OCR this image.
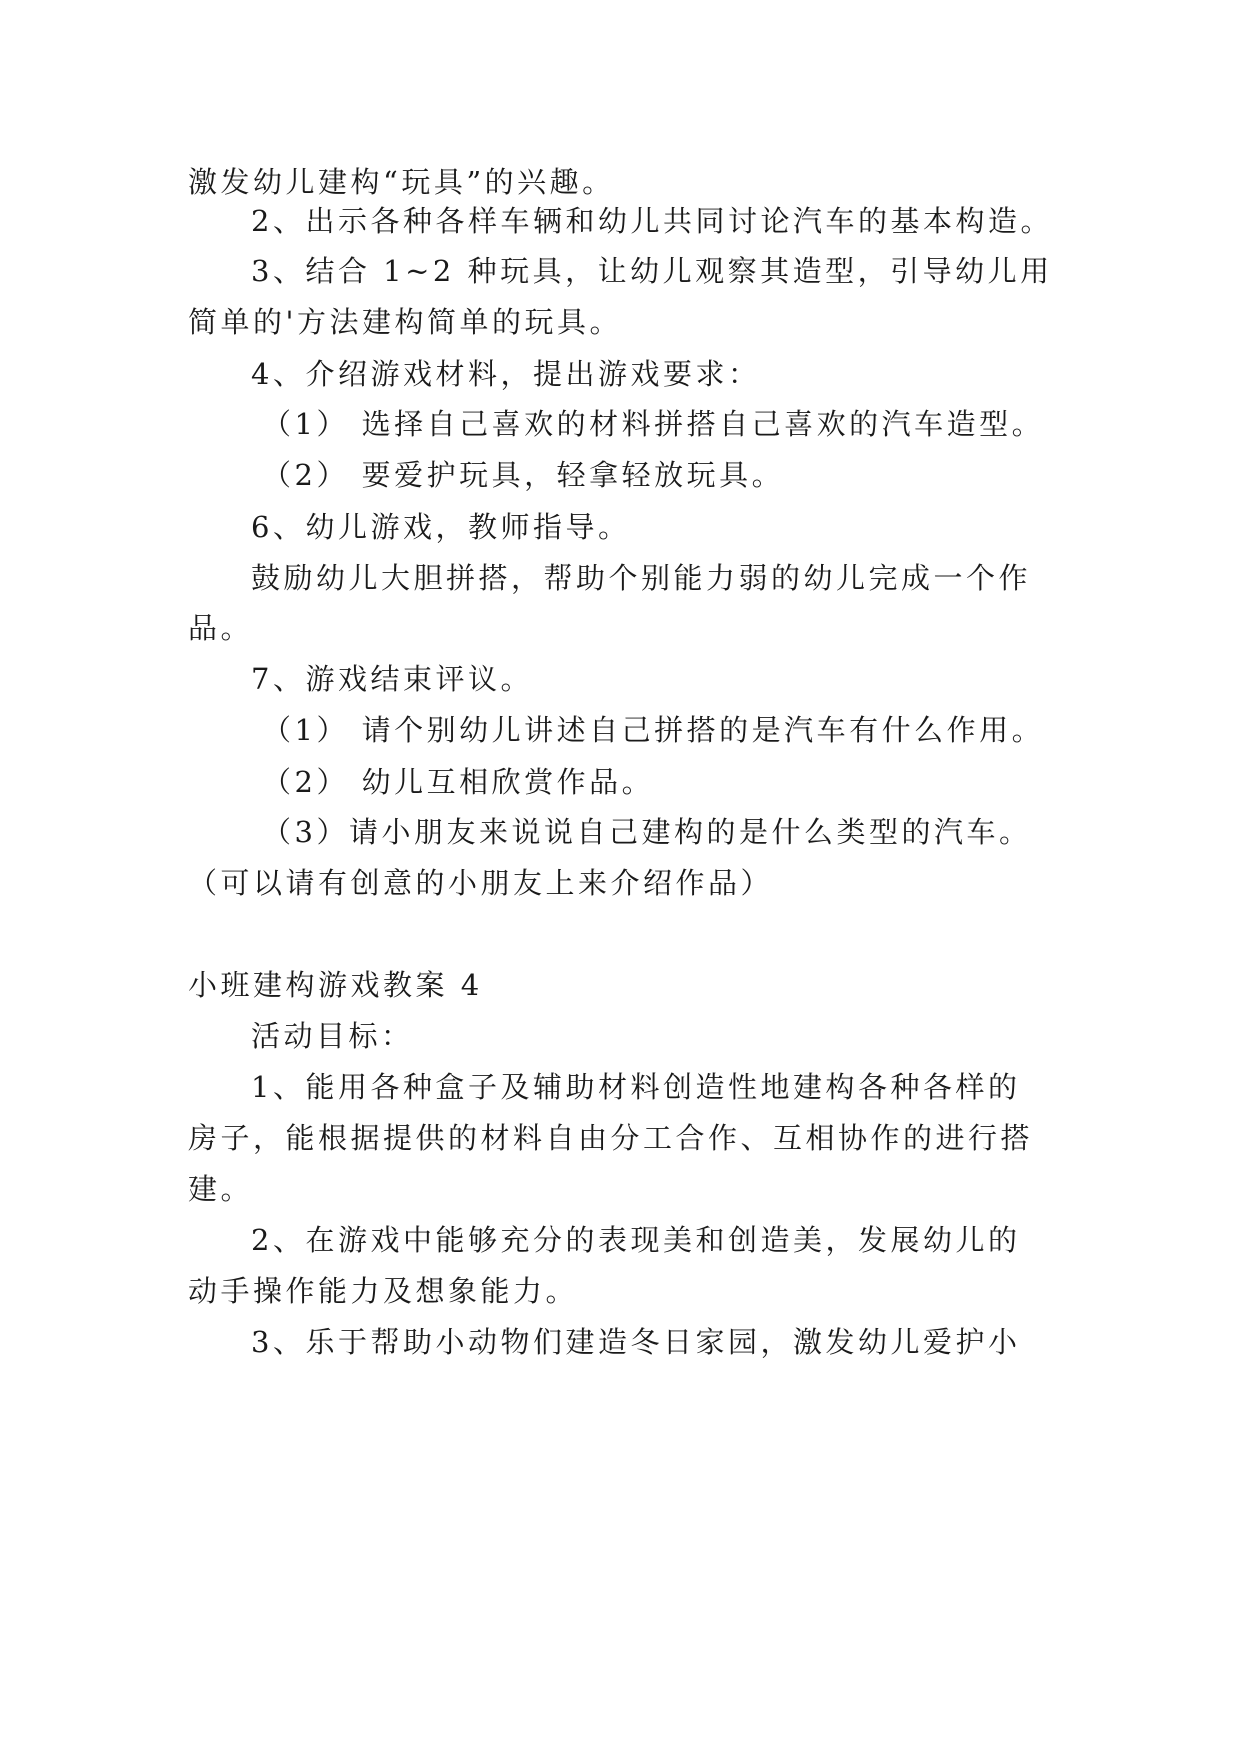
激发幼儿建构“玩具”的兴趣。
2、出示各种各样车辆和幼儿共同讨论汽车的基本构造。
3、结合 1~2 种玩具，让幼儿观察其造型，引导幼儿用
简单的'方法建构简单的玩具。
4、介绍游戏材料，提出游戏要求：
（1） 选择自己喜欢的材料拼搭自己喜欢的汽车造型。
（2） 要爱护玩具，轻拿轻放玩具。
6、幼儿游戏，教师指导。
鼓励幼儿大胆拼搭，帮助个别能力弱的幼儿完成一个作
品。
7、游戏结束评议。
（1） 请个别幼儿讲述自己拼搭的是汽车有什么作用。
（2） 幼儿互相欣赏作品。
（3）请小朋友来说说自己建构的是什么类型的汽车。
（可以请有创意的小朋友上来介绍作品）
小班建构游戏教案 4
活动目标：
1、能用各种盒子及辅助材料创造性地建构各种各样的
房子，能根据提供的材料自由分工合作、互相协作的进行搭
建。
2、在游戏中能够充分的表现美和创造美，发展幼儿的
动手操作能力及想象能力。
3、乐于帮助小动物们建造冬日家园，激发幼儿爱护小
